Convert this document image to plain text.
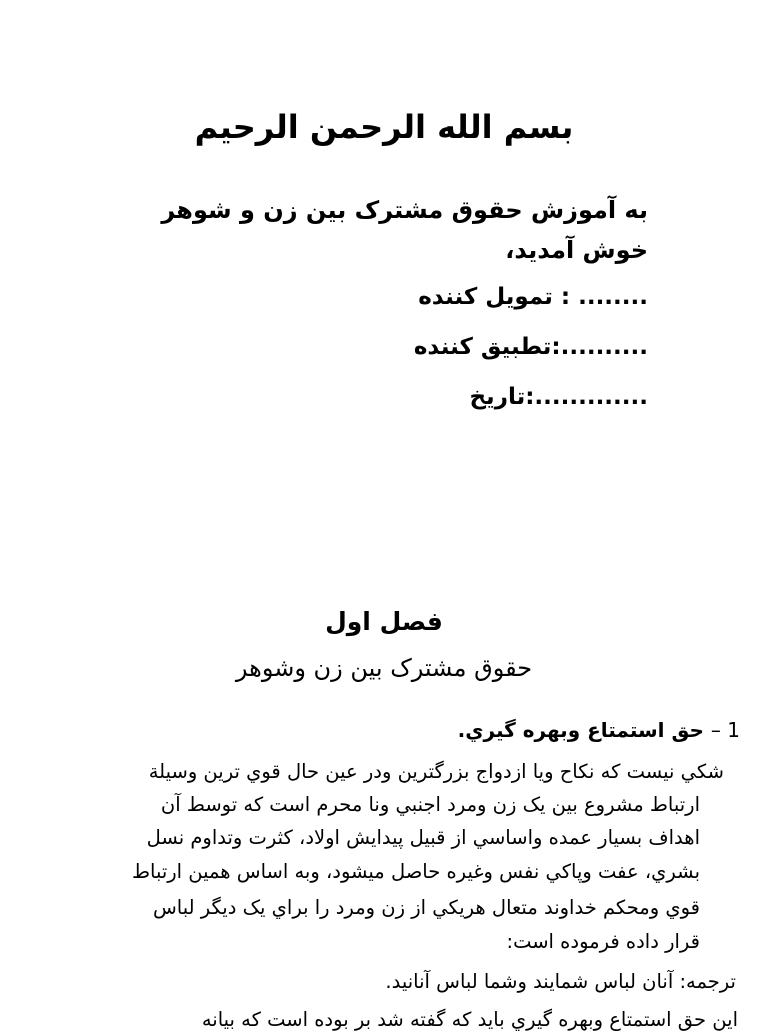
بسم الله الرحمن الرحيم
به آموزش حقوق مشترک بين زن و شوهر
خوش آمديد،
........ : تمويل كننده
..........:تطبيق كننده
.............:تاريخ
فصل اول
حقوق مشترک بين زن وشوهر
1 – حق استمتاع وبهره گيري.
شكي نيست كه نكاح ويا ازدواج بزرگترين ودر عين حال قوي ترين وسيلة
ارتباط مشروع بين يک زن ومرد اجنبي ونا محرم است كه توسط آن
اهداف بسيار عمده واساسي از قبيل پيدايش اولاد، كثرت وتداوم نسل
بشري، عفت وپاكي نفس وغيره حاصل ميشود، وبه اساس همين ارتباط
قوي ومحكم خداوند متعال هريكي از زن ومرد را براي يک ديگر لباس
قرار داده فرموده است:
ترجمه: آنان لباس شمايند وشما لباس آنانيد.
اين حق استمتاع وبهره گيري بايد كه گفته شد بر بوده است كه بيانه
